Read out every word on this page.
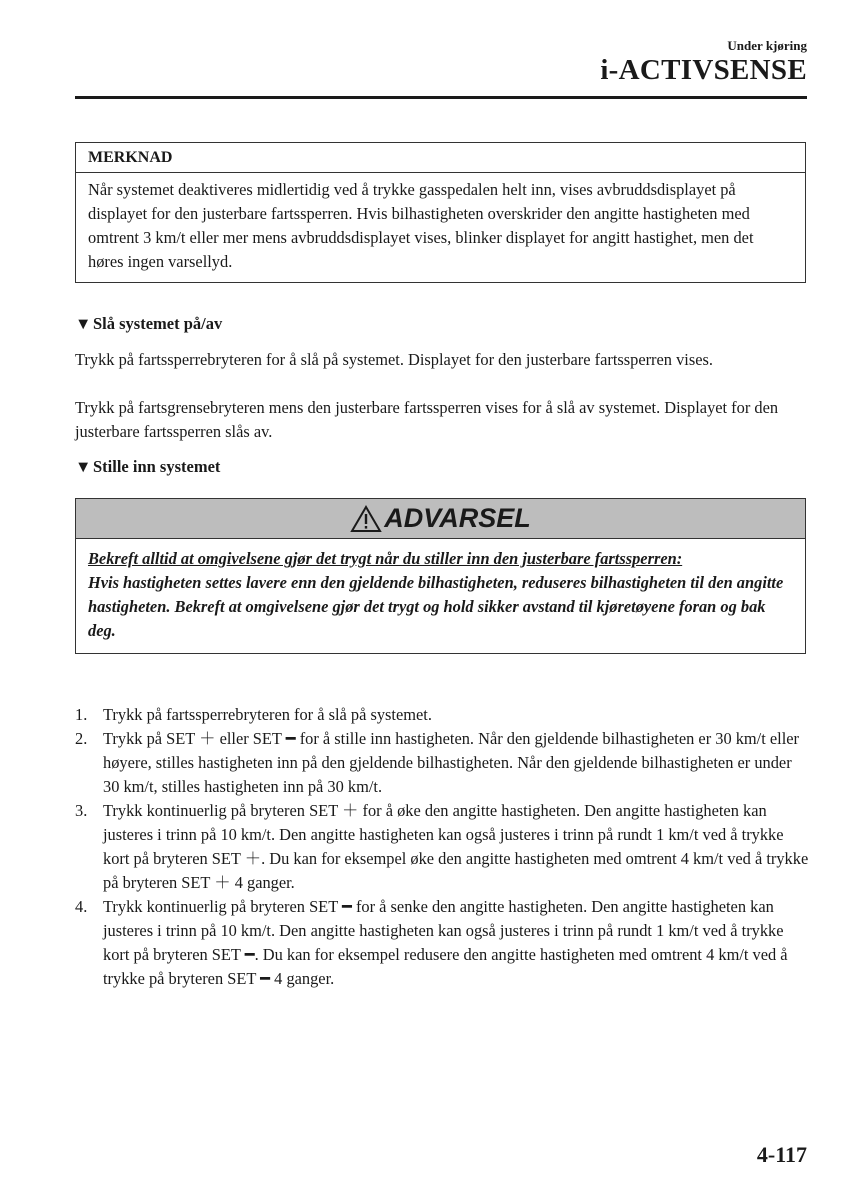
Under kjøring
i-ACTIVSENSE
MERKNAD
Når systemet deaktiveres midlertidig ved å trykke gasspedalen helt inn, vises avbruddsdisplayet på displayet for den justerbare fartssperren. Hvis bilhastigheten overskrider den angitte hastigheten med omtrent 3 km/t eller mer mens avbruddsdisplayet vises, blinker displayet for angitt hastighet, men det høres ingen varsellyd.
▼ Slå systemet på/av
Trykk på fartssperrebryteren for å slå på systemet. Displayet for den justerbare fartssperren vises.
Trykk på fartsgrensebryteren mens den justerbare fartssperren vises for å slå av systemet. Displayet for den justerbare fartssperren slås av.
▼ Stille inn systemet
ADVARSEL
Bekreft alltid at omgivelsene gjør det trygt når du stiller inn den justerbare fartssperren:
Hvis hastigheten settes lavere enn den gjeldende bilhastigheten, reduseres bilhastigheten til den angitte hastigheten. Bekreft at omgivelsene gjør det trygt og hold sikker avstand til kjøretøyene foran og bak deg.
1. Trykk på fartssperrebryteren for å slå på systemet.
2. Trykk på SET ＋ eller SET ━ for å stille inn hastigheten. Når den gjeldende bilhastigheten er 30 km/t eller høyere, stilles hastigheten inn på den gjeldende bilhastigheten. Når den gjeldende bilhastigheten er under 30 km/t, stilles hastigheten inn på 30 km/t.
3. Trykk kontinuerlig på bryteren SET ＋ for å øke den angitte hastigheten. Den angitte hastigheten kan justeres i trinn på 10 km/t. Den angitte hastigheten kan også justeres i trinn på rundt 1 km/t ved å trykke kort på bryteren SET ＋. Du kan for eksempel øke den angitte hastigheten med omtrent 4 km/t ved å trykke på bryteren SET ＋ 4 ganger.
4. Trykk kontinuerlig på bryteren SET ━ for å senke den angitte hastigheten. Den angitte hastigheten kan justeres i trinn på 10 km/t. Den angitte hastigheten kan også justeres i trinn på rundt 1 km/t ved å trykke kort på bryteren SET ━. Du kan for eksempel redusere den angitte hastigheten med omtrent 4 km/t ved å trykke på bryteren SET ━ 4 ganger.
4-117
